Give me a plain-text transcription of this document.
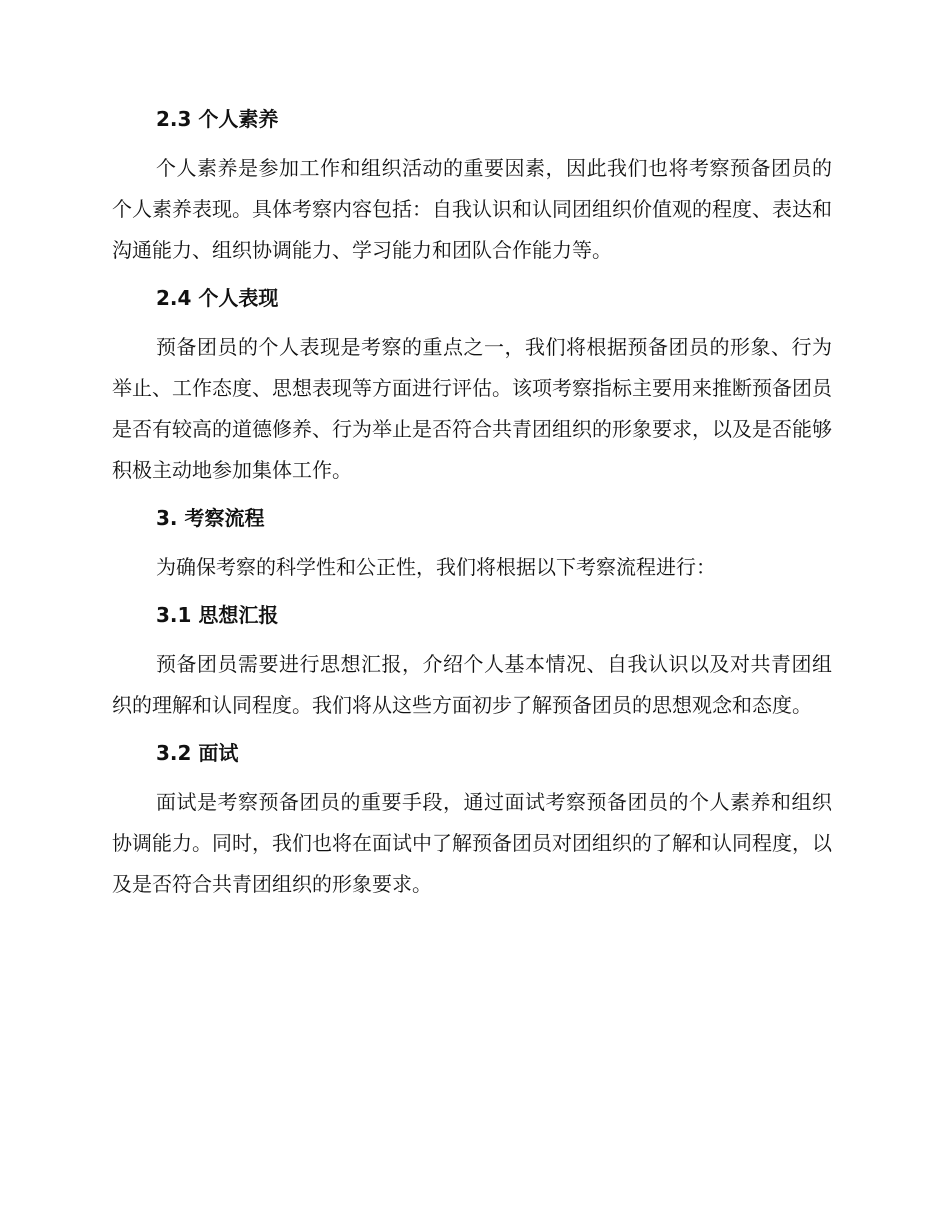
2.3 个人素养

个人素养是参加工作和组织活动的重要因素，因此我们也将考察预备团员的个人素养表现。具体考察内容包括：自我认识和认同团组织价值观的程度、表达和沟通能力、组织协调能力、学习能力和团队合作能力等。

2.4 个人表现

预备团员的个人表现是考察的重点之一，我们将根据预备团员的形象、行为举止、工作态度、思想表现等方面进行评估。该项考察指标主要用来推断预备团员是否有较高的道德修养、行为举止是否符合共青团组织的形象要求，以及是否能够积极主动地参加集体工作。

3. 考察流程

为确保考察的科学性和公正性，我们将根据以下考察流程进行：

3.1 思想汇报

预备团员需要进行思想汇报，介绍个人基本情况、自我认识以及对共青团组织的理解和认同程度。我们将从这些方面初步了解预备团员的思想观念和态度。

3.2 面试

面试是考察预备团员的重要手段，通过面试考察预备团员的个人素养和组织协调能力。同时，我们也将在面试中了解预备团员对团组织的了解和认同程度，以及是否符合共青团组织的形象要求。
